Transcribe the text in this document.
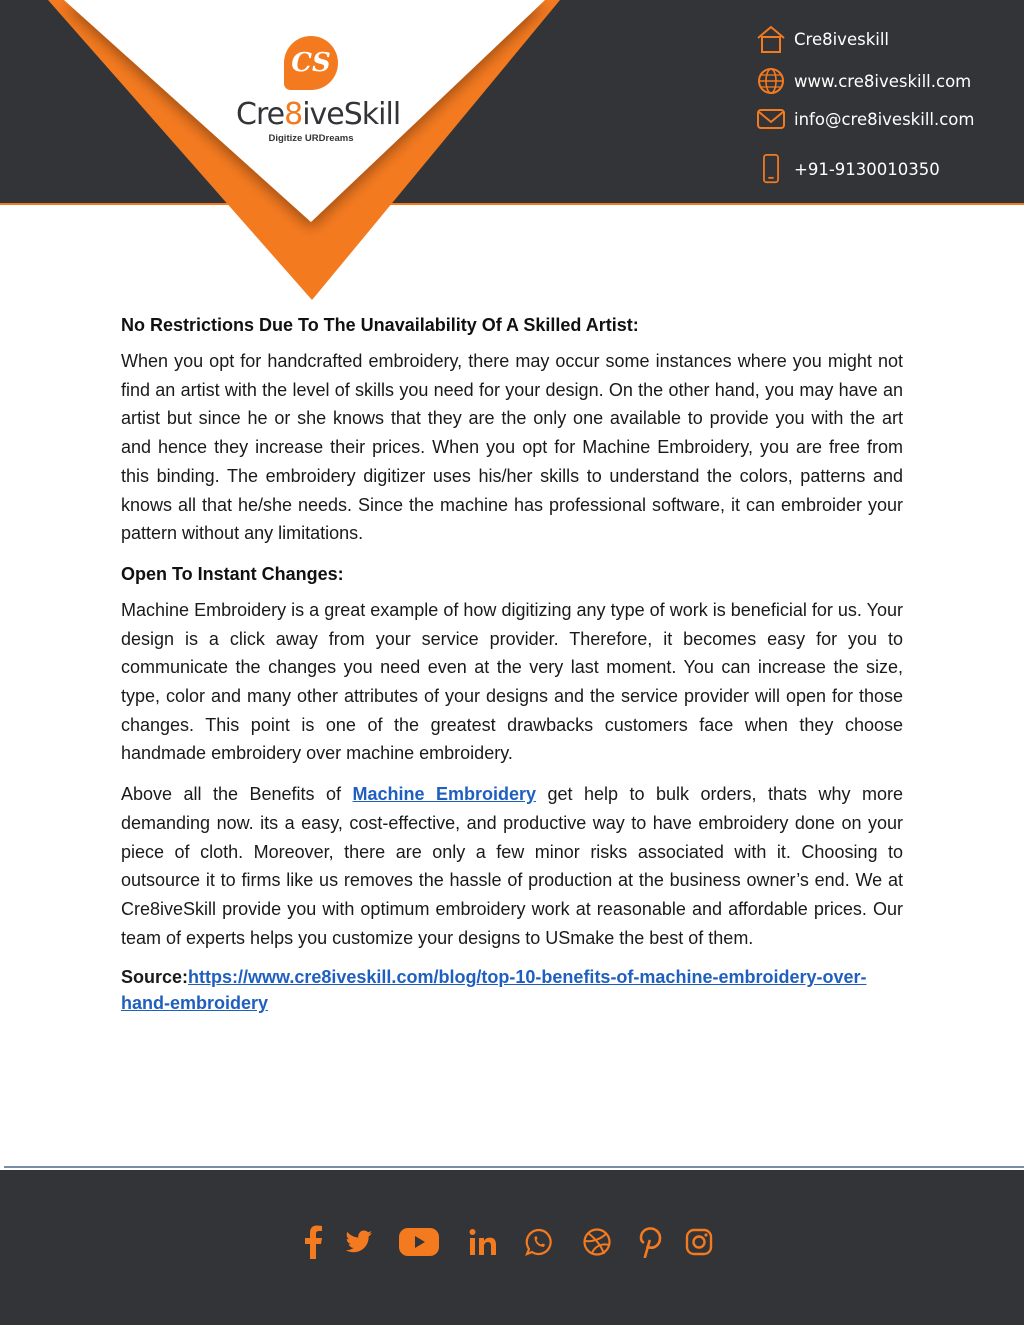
CS
Cre8iveSkill
Digitize URDreams
Cre8iveskill
www.cre8iveskill.com
info@cre8iveskill.com
+91-9130010350
No Restrictions Due To The Unavailability Of A Skilled Artist:

When you opt for handcrafted embroidery, there may occur some instances where you might not find an artist with the level of skills you need for your design. On the other hand, you may have an artist but since he or she knows that they are the only one available to provide you with the art and hence they increase their prices. When you opt for Machine Embroidery, you are free from this binding. The embroidery digitizer uses his/her skills to understand the colors, patterns and knows all that he/she needs. Since the machine has professional software, it can embroider your pattern without any limitations.

Open To Instant Changes:

Machine Embroidery is a great example of how digitizing any type of work is beneficial for us. Your design is a click away from your service provider. Therefore, it becomes easy for you to communicate the changes you need even at the very last moment. You can increase the size, type, color and many other attributes of your designs and the service provider will open for those changes. This point is one of the greatest drawbacks customers face when they choose handmade embroidery over machine embroidery.

Above all the Benefits of Machine Embroidery get help to bulk orders, thats why more demanding now. its a easy, cost-effective, and productive way to have embroidery done on your piece of cloth. Moreover, there are only a few minor risks associated with it. Choosing to outsource it to firms like us removes the hassle of production at the business owner’s end. We at Cre8iveSkill provide you with optimum embroidery work at reasonable and affordable prices. Our team of experts helps you customize your designs to USmake the best of them.

Source:https://www.cre8iveskill.com/blog/top-10-benefits-of-machine-embroidery-over-hand-embroidery
